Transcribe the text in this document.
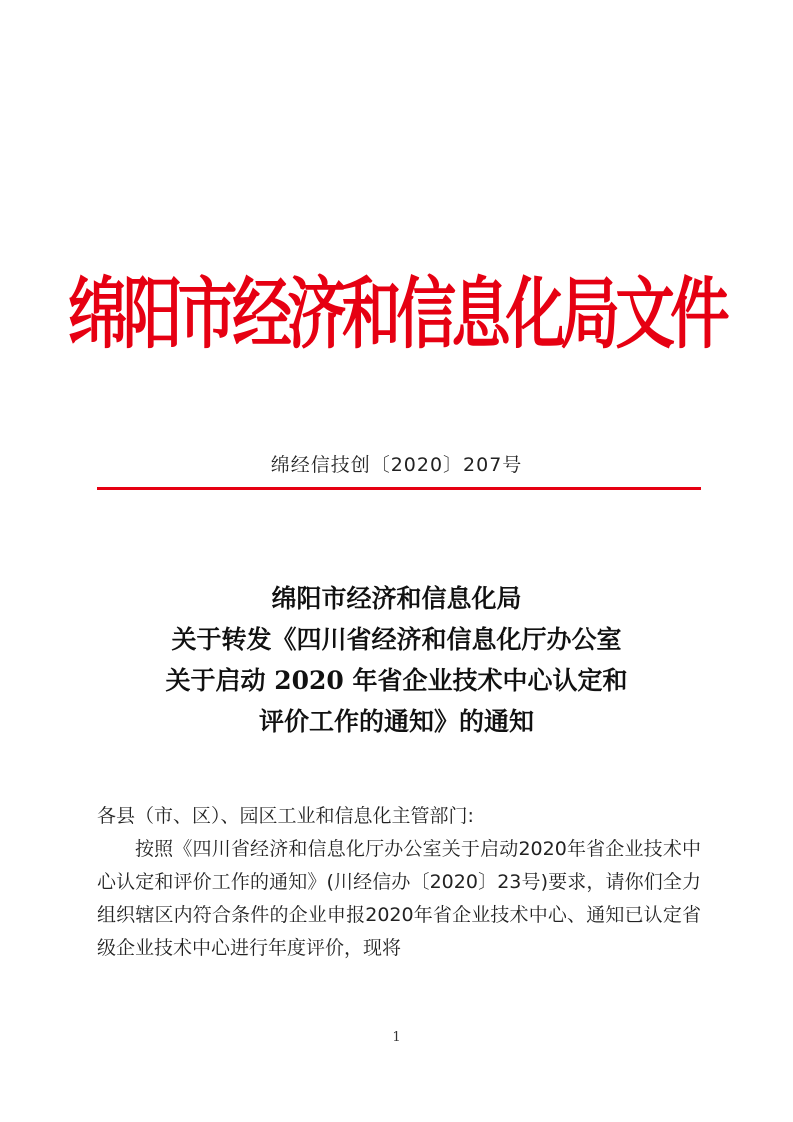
绵阳市经济和信息化局文件
绵经信技创〔2020〕207号
绵阳市经济和信息化局
关于转发《四川省经济和信息化厅办公室
关于启动 2020 年省企业技术中心认定和
评价工作的通知》的通知
各县（市、区）、园区工业和信息化主管部门:
按照《四川省经济和信息化厅办公室关于启动2020年省企业技术中心认定和评价工作的通知》(川经信办〔2020〕23号)要求，请你们全力组织辖区内符合条件的企业申报2020年省企业技术中心、通知已认定省级企业技术中心进行年度评价，现将
1
